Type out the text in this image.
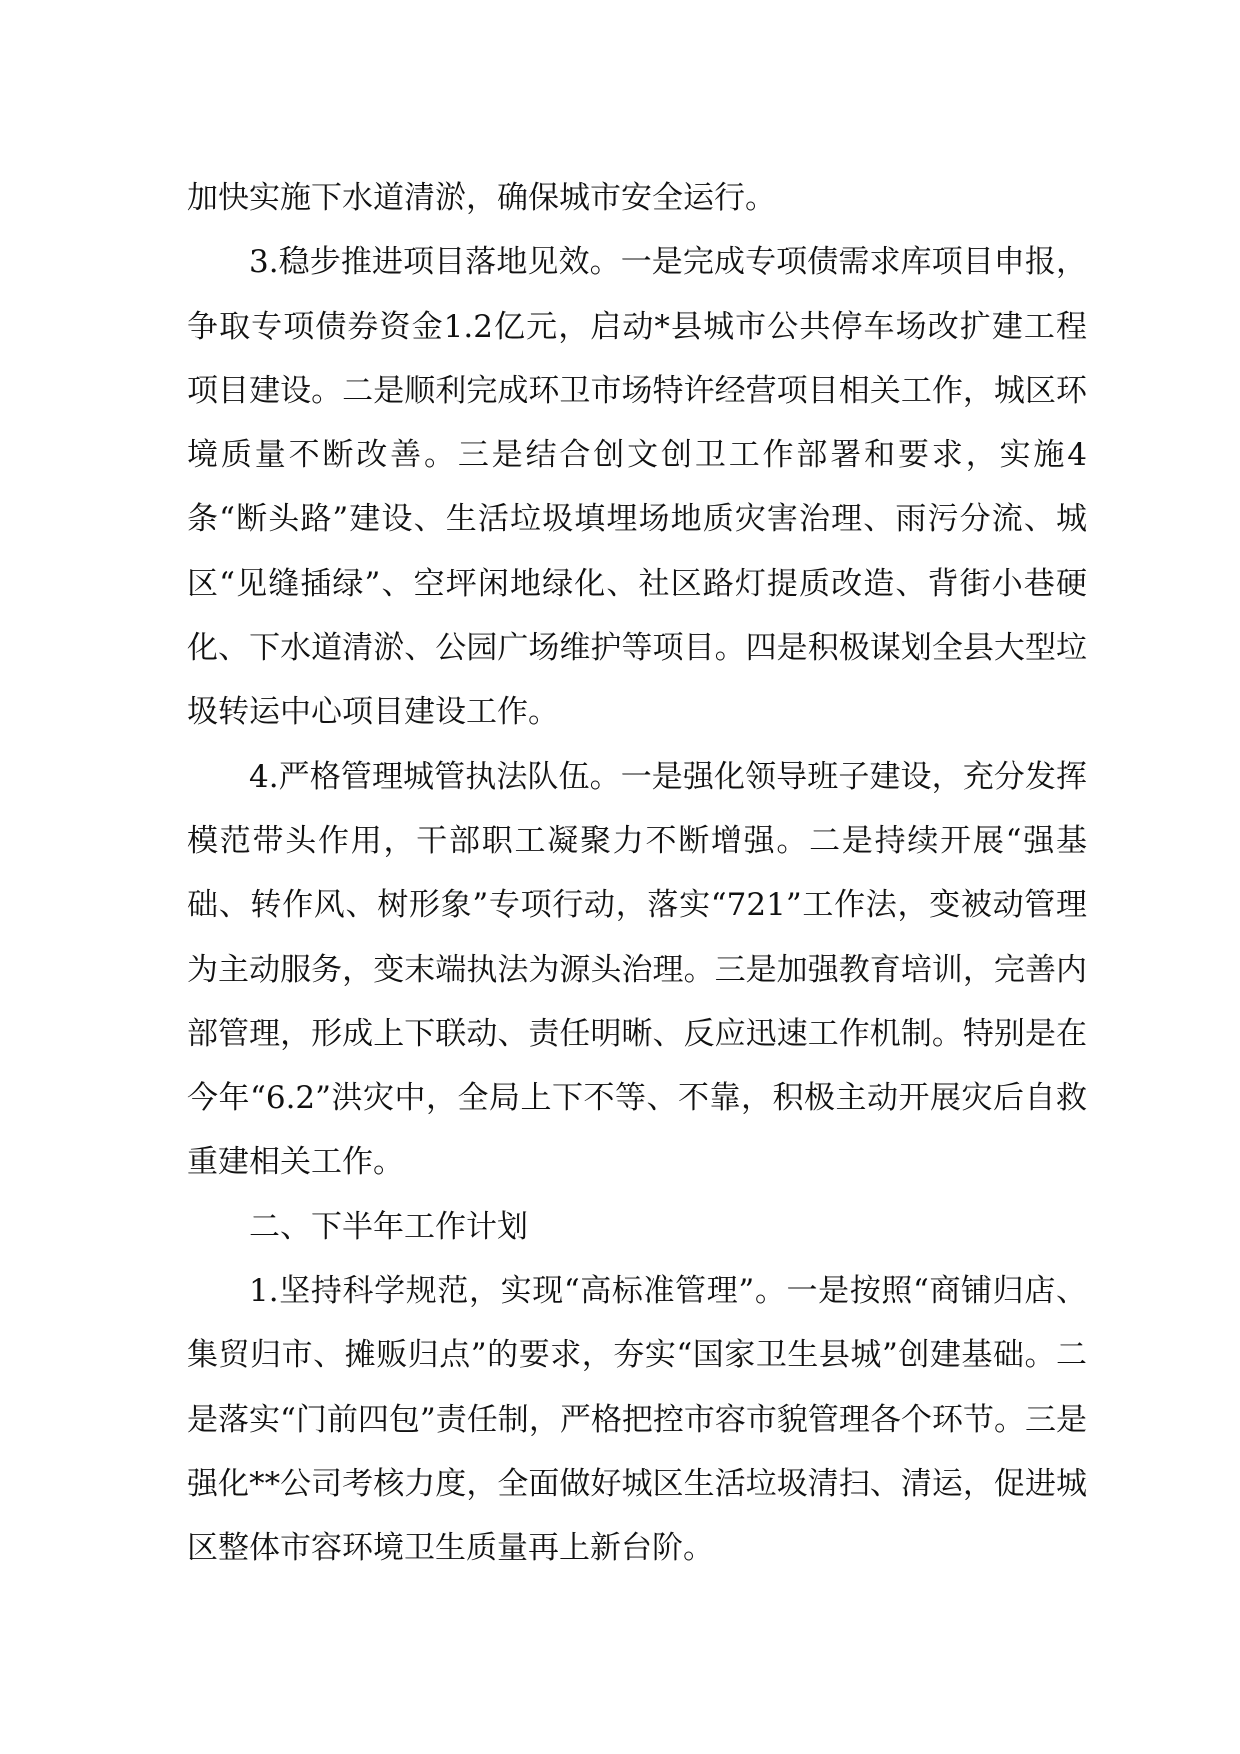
加快实施下水道清淤，确保城市安全运行。

3.稳步推进项目落地见效。一是完成专项债需求库项目申报，争取专项债券资金1.2亿元，启动*县城市公共停车场改扩建工程项目建设。二是顺利完成环卫市场特许经营项目相关工作，城区环境质量不断改善。三是结合创文创卫工作部署和要求，实施4条“断头路”建设、生活垃圾填埋场地质灾害治理、雨污分流、城区“见缝插绿”、空坪闲地绿化、社区路灯提质改造、背街小巷硬化、下水道清淤、公园广场维护等项目。四是积极谋划全县大型垃圾转运中心项目建设工作。

4.严格管理城管执法队伍。一是强化领导班子建设，充分发挥模范带头作用，干部职工凝聚力不断增强。二是持续开展“强基础、转作风、树形象”专项行动，落实“721”工作法，变被动管理为主动服务，变末端执法为源头治理。三是加强教育培训，完善内部管理，形成上下联动、责任明晰、反应迅速工作机制。特别是在今年“6.2”洪灾中，全局上下不等、不靠，积极主动开展灾后自救重建相关工作。

二、下半年工作计划

1.坚持科学规范，实现“高标准管理”。一是按照“商铺归店、集贸归市、摊贩归点”的要求，夯实“国家卫生县城”创建基础。二是落实“门前四包”责任制，严格把控市容市貌管理各个环节。三是强化**公司考核力度，全面做好城区生活垃圾清扫、清运，促进城区整体市容环境卫生质量再上新台阶。
